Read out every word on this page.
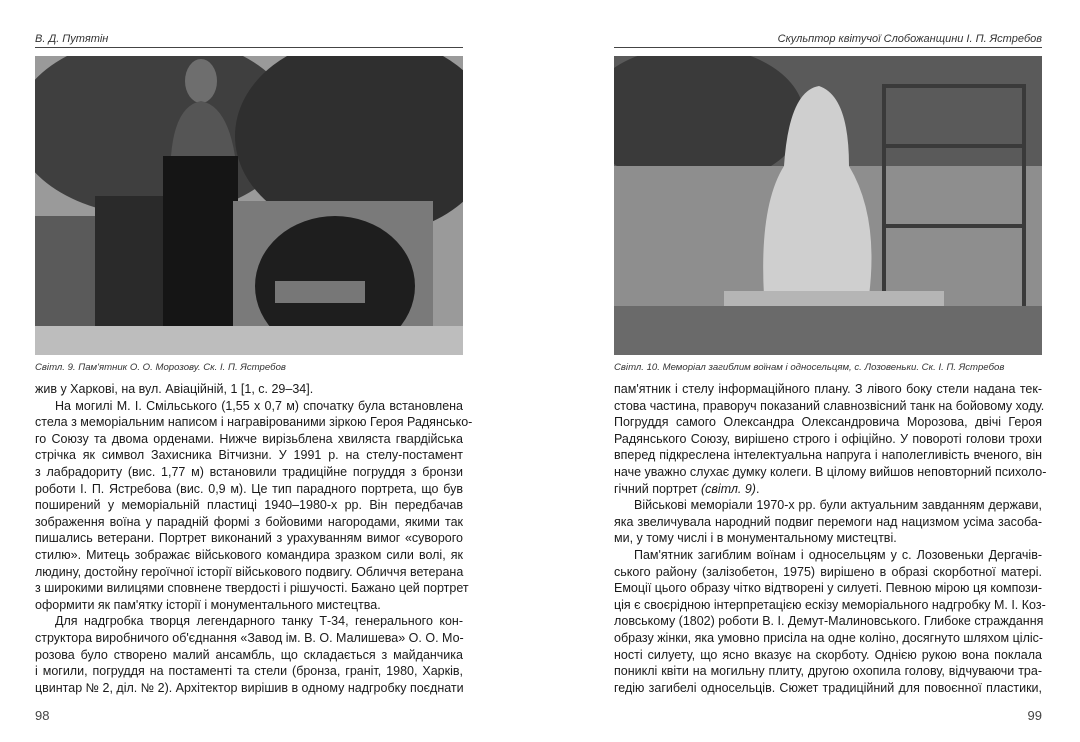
В. Д. Путятін
Світл. 9. Пам'ятник О. О. Морозову. Ск. І. П. Ястребов
жив у Харкові, на вул. Авіаційній, 1 [1, с. 29–34].
На могилі М. І. Смільського (1,55 х 0,7 м) спочатку була встановлена
стела з меморіальним написом і награвірованими зіркою Героя Радянсько-
го Союзу та двома орденами. Нижче вирізьблена хвиляста гвардійська
стрічка як символ Захисника Вітчизни. У 1991 р. на стелу-постамент
з лабрадориту (вис. 1,77 м) встановили традиційне погруддя з бронзи
роботи І. П. Ястребова (вис. 0,9 м). Це тип парадного портрета, що був
поширений у меморіальній пластиці 1940–1980-х рр. Він передбачав
зображення воїна у парадній формі з бойовими нагородами, якими так
пишались ветерани. Портрет виконаний з урахуванням вимог «суворого
стилю». Митець зображає військового командира зразком сили волі, як
людину, достойну героїчної історії військового подвигу. Обличчя ветерана
з широкими вилицями сповнене твердості і рішучості. Бажано цей портрет
оформити як пам'ятку історії і монументального мистецтва.
Для надгробка творця легендарного танку Т-34, генерального кон-
структора виробничого об'єднання «Завод ім. В. О. Малишева» О. О. Мо-
розова було створено малий ансамбль, що складається з майданчика
і могили, погруддя на постаменті та стели (бронза, граніт, 1980, Харків,
цвинтар № 2, діл. № 2). Архітектор вирішив в одному надгробку поєднати
98
Скульптор квітучої Слобожанщини І. П. Ястребов
Світл. 10. Меморіал загиблим воїнам і односельцям, с. Лозовеньки. Ск. І. П. Ястребов
пам'ятник і стелу інформаційного плану. З лівого боку стели надана тек-
стова частина, праворуч показаний славнозвісний танк на бойовому ходу.
Погруддя самого Олександра Олександровича Морозова, двічі Героя
Радянського Союзу, вирішено строго і офіційно. У повороті голови трохи
вперед підкреслена інтелектуальна напруга і наполегливість вченого, він
наче уважно слухає думку колеги. В цілому вийшов неповторний психоло-
гічний портрет (світл. 9).
Військові меморіали 1970-х рр. були актуальним завданням держави,
яка звеличувала народний подвиг перемоги над нацизмом усіма засоба-
ми, у тому числі і в монументальному мистецтві.
Пам'ятник загиблим воїнам і односельцям у с. Лозовеньки Дергачів-
ського району (залізобетон, 1975) вирішено в образі скорботної матері.
Емоції цього образу чітко відтворені у силуеті. Певною мірою ця компози-
ція є своєрідною інтерпретацією ескізу меморіального надгробку М. І. Коз-
ловському (1802) роботи В. І. Демут-Малиновського. Глибоке страждання
образу жінки, яка умовно присіла на одне коліно, досягнуто шляхом ціліс-
ності силуету, що ясно вказує на скорботу. Однією рукою вона поклала
пониклі квіти на могильну плиту, другою охопила голову, відчуваючи тра-
гедію загибелі односельців. Сюжет традиційний для повоєнної пластики,
99
